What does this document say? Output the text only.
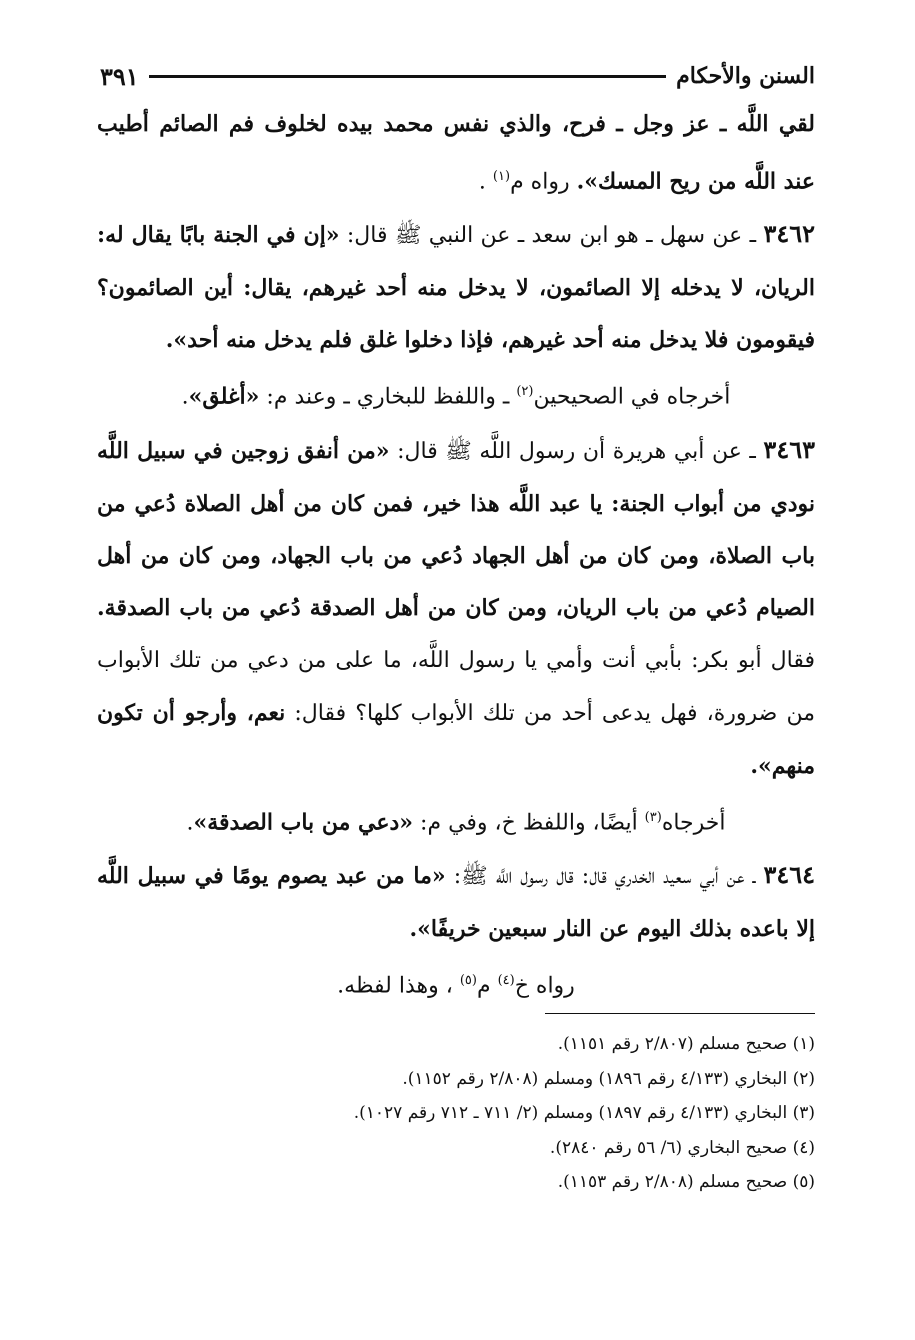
السنن والأحكام
٣٩١

لقي اللَّه ـ عز وجل ـ فرح، والذي نفس محمد بيده لخلوف فم الصائم أطيب عند اللَّه من ريح المسك». رواه م$^{(١)}$ .

٣٤٦٢ ـ عن سهل ـ هو ابن سعد ـ عن النبي ﷺ قال: «إن في الجنة بابًا يقال له: الريان، لا يدخله إلا الصائمون، لا يدخل منه أحد غيرهم، يقال: أين الصائمون؟ فيقومون فلا يدخل منه أحد غيرهم، فإذا دخلوا غلق فلم يدخل منه أحد».

أخرجاه في الصحيحين$^{(٢)}$ ـ واللفظ للبخاري ـ وعند م: «أغلق».

٣٤٦٣ ـ عن أبي هريرة أن رسول اللَّه ﷺ قال: «من أنفق زوجين في سبيل اللَّه نودي من أبواب الجنة: يا عبد اللَّه هذا خير، فمن كان من أهل الصلاة دُعي من باب الصلاة، ومن كان من أهل الجهاد دُعي من باب الجهاد، ومن كان من أهل الصيام دُعي من باب الريان، ومن كان من أهل الصدقة دُعي من باب الصدقة. فقال أبو بكر: بأبي أنت وأمي يا رسول اللَّه، ما على من دعي من تلك الأبواب من ضرورة، فهل يدعى أحد من تلك الأبواب كلها؟ فقال: نعم، وأرجو أن تكون منهم».

أخرجاه$^{(٣)}$ أيضًا، واللفظ خ، وفي م: «دعي من باب الصدقة».

٣٤٦٤ ـ عن أبي سعيد الخدري قال: قال رسول اللَّه ﷺ: «ما من عبد يصوم يومًا في سبيل اللَّه إلا باعده بذلك اليوم عن النار سبعين خريفًا».

رواه خ$^{(٤)}$ م$^{(٥)}$ ، وهذا لفظه.

(١) صحيح مسلم (٢/٨٠٧ رقم ١١٥١).

(٢) البخاري (٤/١٣٣ رقم ١٨٩٦) ومسلم (٢/٨٠٨ رقم ١١٥٢).

(٣) البخاري (٤/١٣٣ رقم ١٨٩٧) ومسلم (٢/ ٧١١ ـ ٧١٢ رقم ١٠٢٧).

(٤) صحيح البخاري (٦/ ٥٦ رقم ٢٨٤٠).

(٥) صحيح مسلم (٢/٨٠٨ رقم ١١٥٣).
